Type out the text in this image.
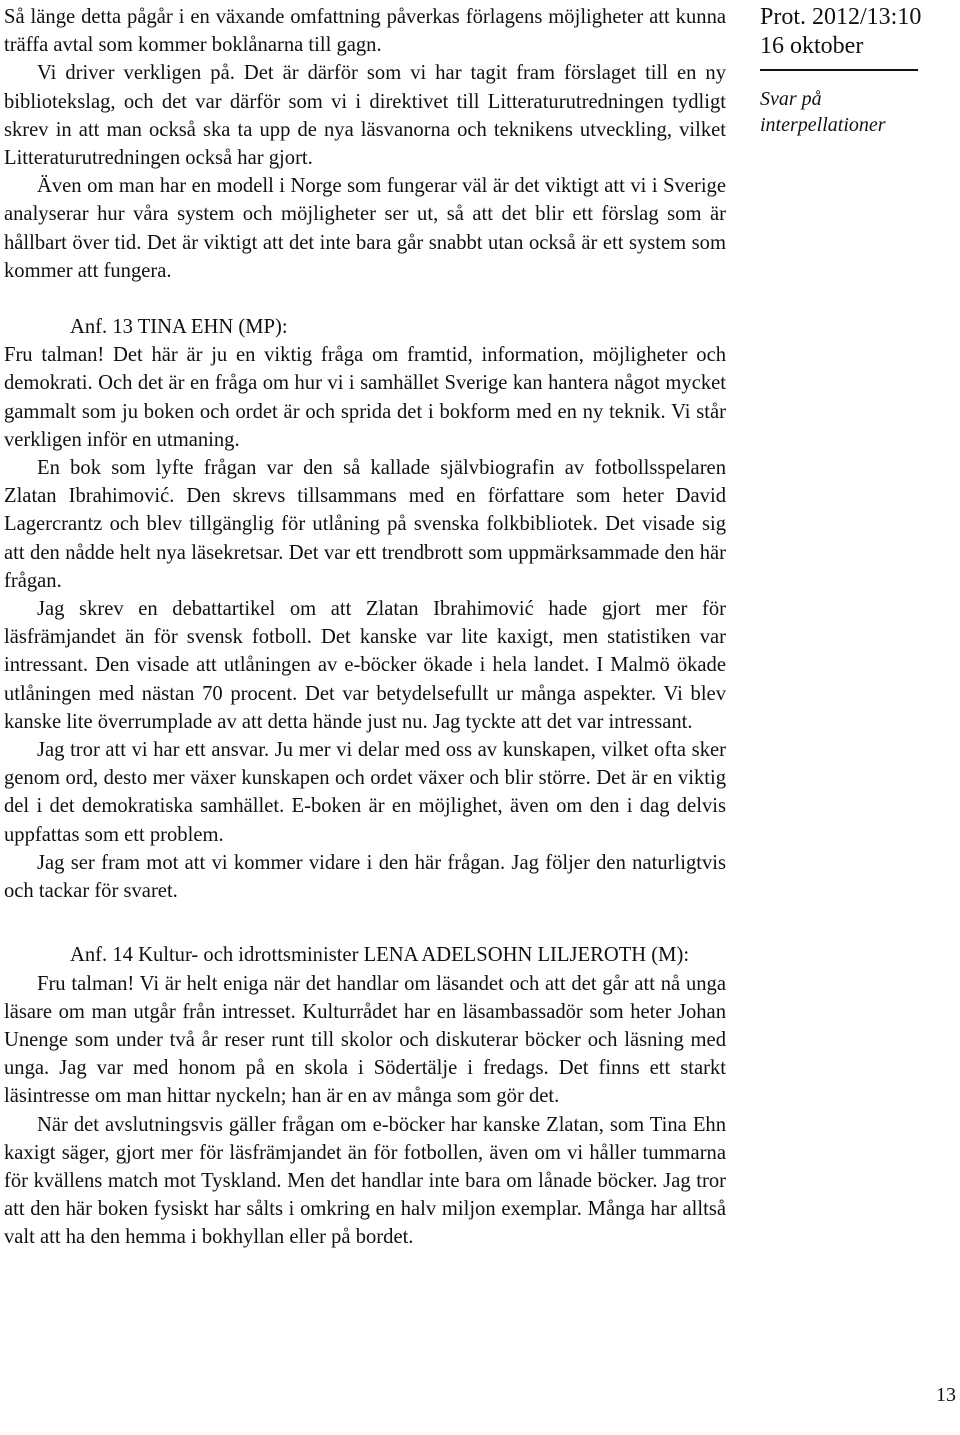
Så länge detta pågår i en växande omfattning påverkas förlagens möjligheter att kunna träffa avtal som kommer boklånarna till gagn.

Vi driver verkligen på. Det är därför som vi har tagit fram förslaget till en ny bibliotekslag, och det var därför som vi i direktivet till Litteraturutredningen tydligt skrev in att man också ska ta upp de nya läsvanorna och teknikens utveckling, vilket Litteraturutredningen också har gjort.

Även om man har en modell i Norge som fungerar väl är det viktigt att vi i Sverige analyserar hur våra system och möjligheter ser ut, så att det blir ett förslag som är hållbart över tid. Det är viktigt att det inte bara går snabbt utan också är ett system som kommer att fungera.

Anf. 13 TINA EHN (MP):

Fru talman! Det här är ju en viktig fråga om framtid, information, möjligheter och demokrati. Och det är en fråga om hur vi i samhället Sverige kan hantera något mycket gammalt som ju boken och ordet är och sprida det i bokform med en ny teknik. Vi står verkligen inför en utmaning.

En bok som lyfte frågan var den så kallade självbiografin av fotbollsspelaren Zlatan Ibrahimović. Den skrevs tillsammans med en författare som heter David Lagercrantz och blev tillgänglig för utlåning på svenska folkbibliotek. Det visade sig att den nådde helt nya läsekretsar. Det var ett trendbrott som uppmärksammade den här frågan.

Jag skrev en debattartikel om att Zlatan Ibrahimović hade gjort mer för läsfrämjandet än för svensk fotboll. Det kanske var lite kaxigt, men statistiken var intressant. Den visade att utlåningen av e-böcker ökade i hela landet. I Malmö ökade utlåningen med nästan 70 procent. Det var betydelsefullt ur många aspekter. Vi blev kanske lite överrumplade av att detta hände just nu. Jag tyckte att det var intressant.

Jag tror att vi har ett ansvar. Ju mer vi delar med oss av kunskapen, vilket ofta sker genom ord, desto mer växer kunskapen och ordet växer och blir större. Det är en viktig del i det demokratiska samhället. E-boken är en möjlighet, även om den i dag delvis uppfattas som ett problem.

Jag ser fram mot att vi kommer vidare i den här frågan. Jag följer den naturligtvis och tackar för svaret.

Anf. 14 Kultur- och idrottsminister LENA ADELSOHN LILJEROTH (M):

Fru talman! Vi är helt eniga när det handlar om läsandet och att det går att nå unga läsare om man utgår från intresset. Kulturrådet har en läsambassadör som heter Johan Unenge som under två år reser runt till skolor och diskuterar böcker och läsning med unga. Jag var med honom på en skola i Södertälje i fredags. Det finns ett starkt läsintresse om man hittar nyckeln; han är en av många som gör det.

När det avslutningsvis gäller frågan om e-böcker har kanske Zlatan, som Tina Ehn kaxigt säger, gjort mer för läsfrämjandet än för fotbollen, även om vi håller tummarna för kvällens match mot Tyskland. Men det handlar inte bara om lånade böcker. Jag tror att den här boken fysiskt har sålts i omkring en halv miljon exemplar. Många har alltså valt att ha den hemma i bokhyllan eller på bordet.

Prot. 2012/13:10
16 oktober
Svar på
interpellationer
13
